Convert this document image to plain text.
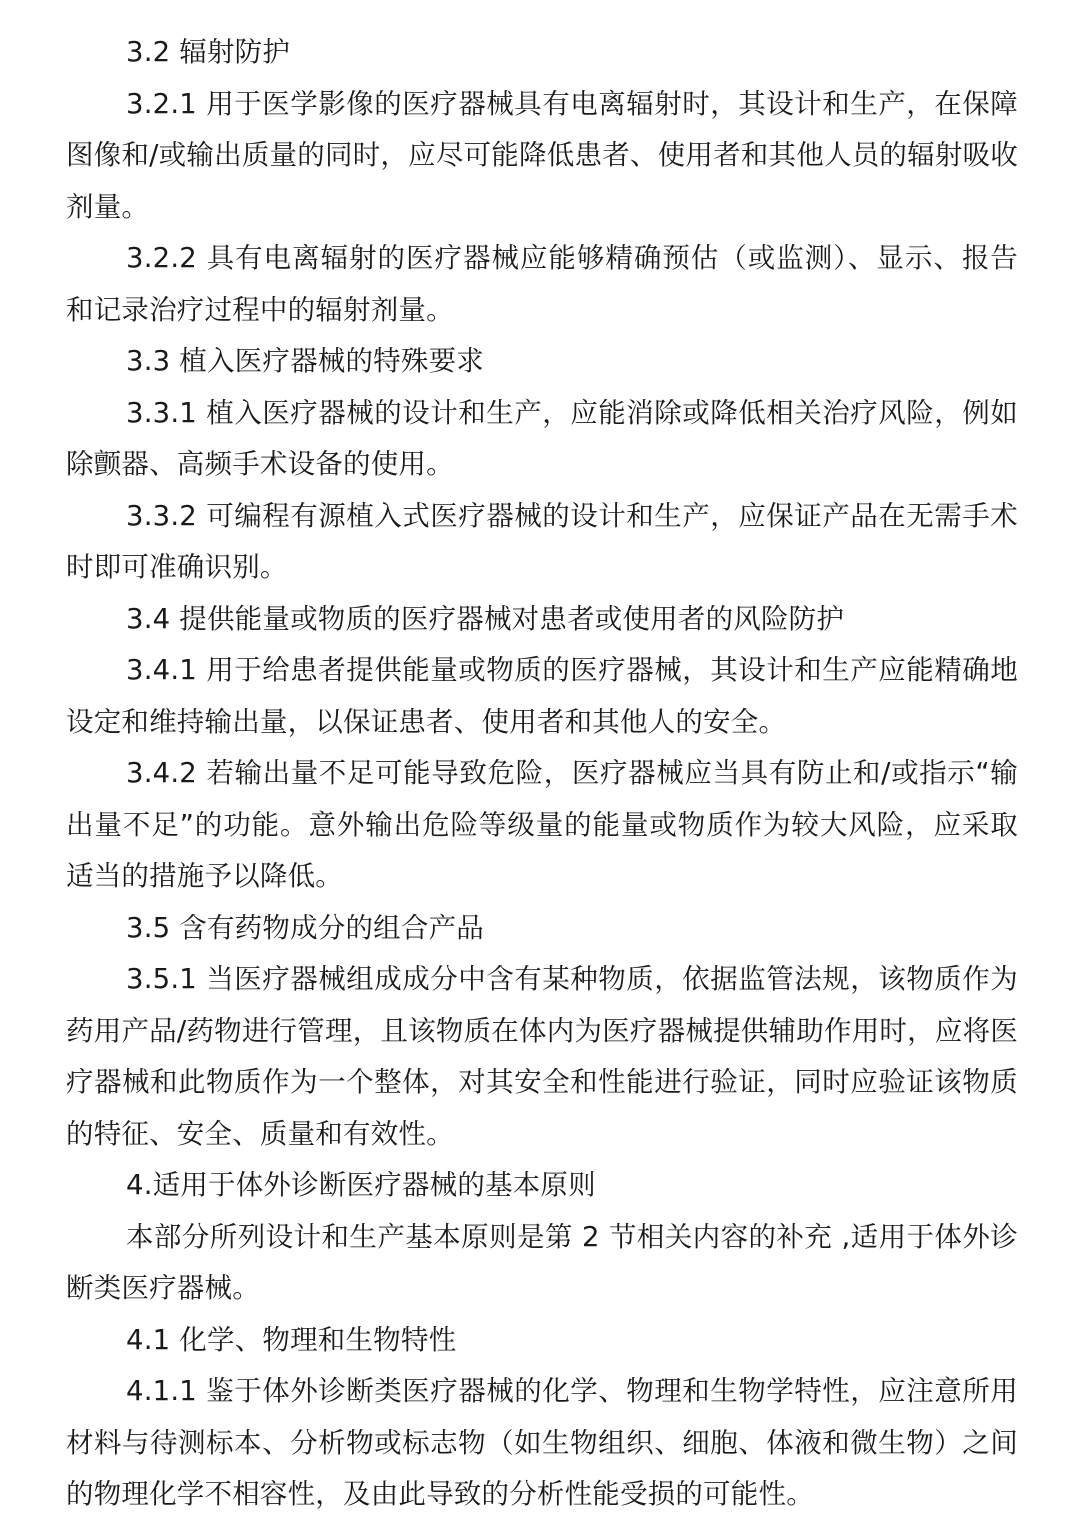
3.2 辐射防护

3.2.1 用于医学影像的医疗器械具有电离辐射时，其设计和生产，在保障图像和/或输出质量的同时，应尽可能降低患者、使用者和其他人员的辐射吸收剂量。

3.2.2 具有电离辐射的医疗器械应能够精确预估（或监测）、显示、报告和记录治疗过程中的辐射剂量。

3.3 植入医疗器械的特殊要求

3.3.1 植入医疗器械的设计和生产，应能消除或降低相关治疗风险，例如除颤器、高频手术设备的使用。

3.3.2 可编程有源植入式医疗器械的设计和生产，应保证产品在无需手术时即可准确识别。

3.4 提供能量或物质的医疗器械对患者或使用者的风险防护

3.4.1 用于给患者提供能量或物质的医疗器械，其设计和生产应能精确地设定和维持输出量，以保证患者、使用者和其他人的安全。

3.4.2 若输出量不足可能导致危险，医疗器械应当具有防止和/或指示“输出量不足”的功能。意外输出危险等级量的能量或物质作为较大风险，应采取适当的措施予以降低。

3.5 含有药物成分的组合产品

3.5.1 当医疗器械组成成分中含有某种物质，依据监管法规，该物质作为药用产品/药物进行管理，且该物质在体内为医疗器械提供辅助作用时，应将医疗器械和此物质作为一个整体，对其安全和性能进行验证，同时应验证该物质的特征、安全、质量和有效性。

4.适用于体外诊断医疗器械的基本原则

本部分所列设计和生产基本原则是第 2 节相关内容的补充 ,适用于体外诊断类医疗器械。

4.1 化学、物理和生物特性

4.1.1 鉴于体外诊断类医疗器械的化学、物理和生物学特性，应注意所用材料与待测标本、分析物或标志物（如生物组织、细胞、体液和微生物）之间的物理化学不相容性，及由此导致的分析性能受损的可能性。
